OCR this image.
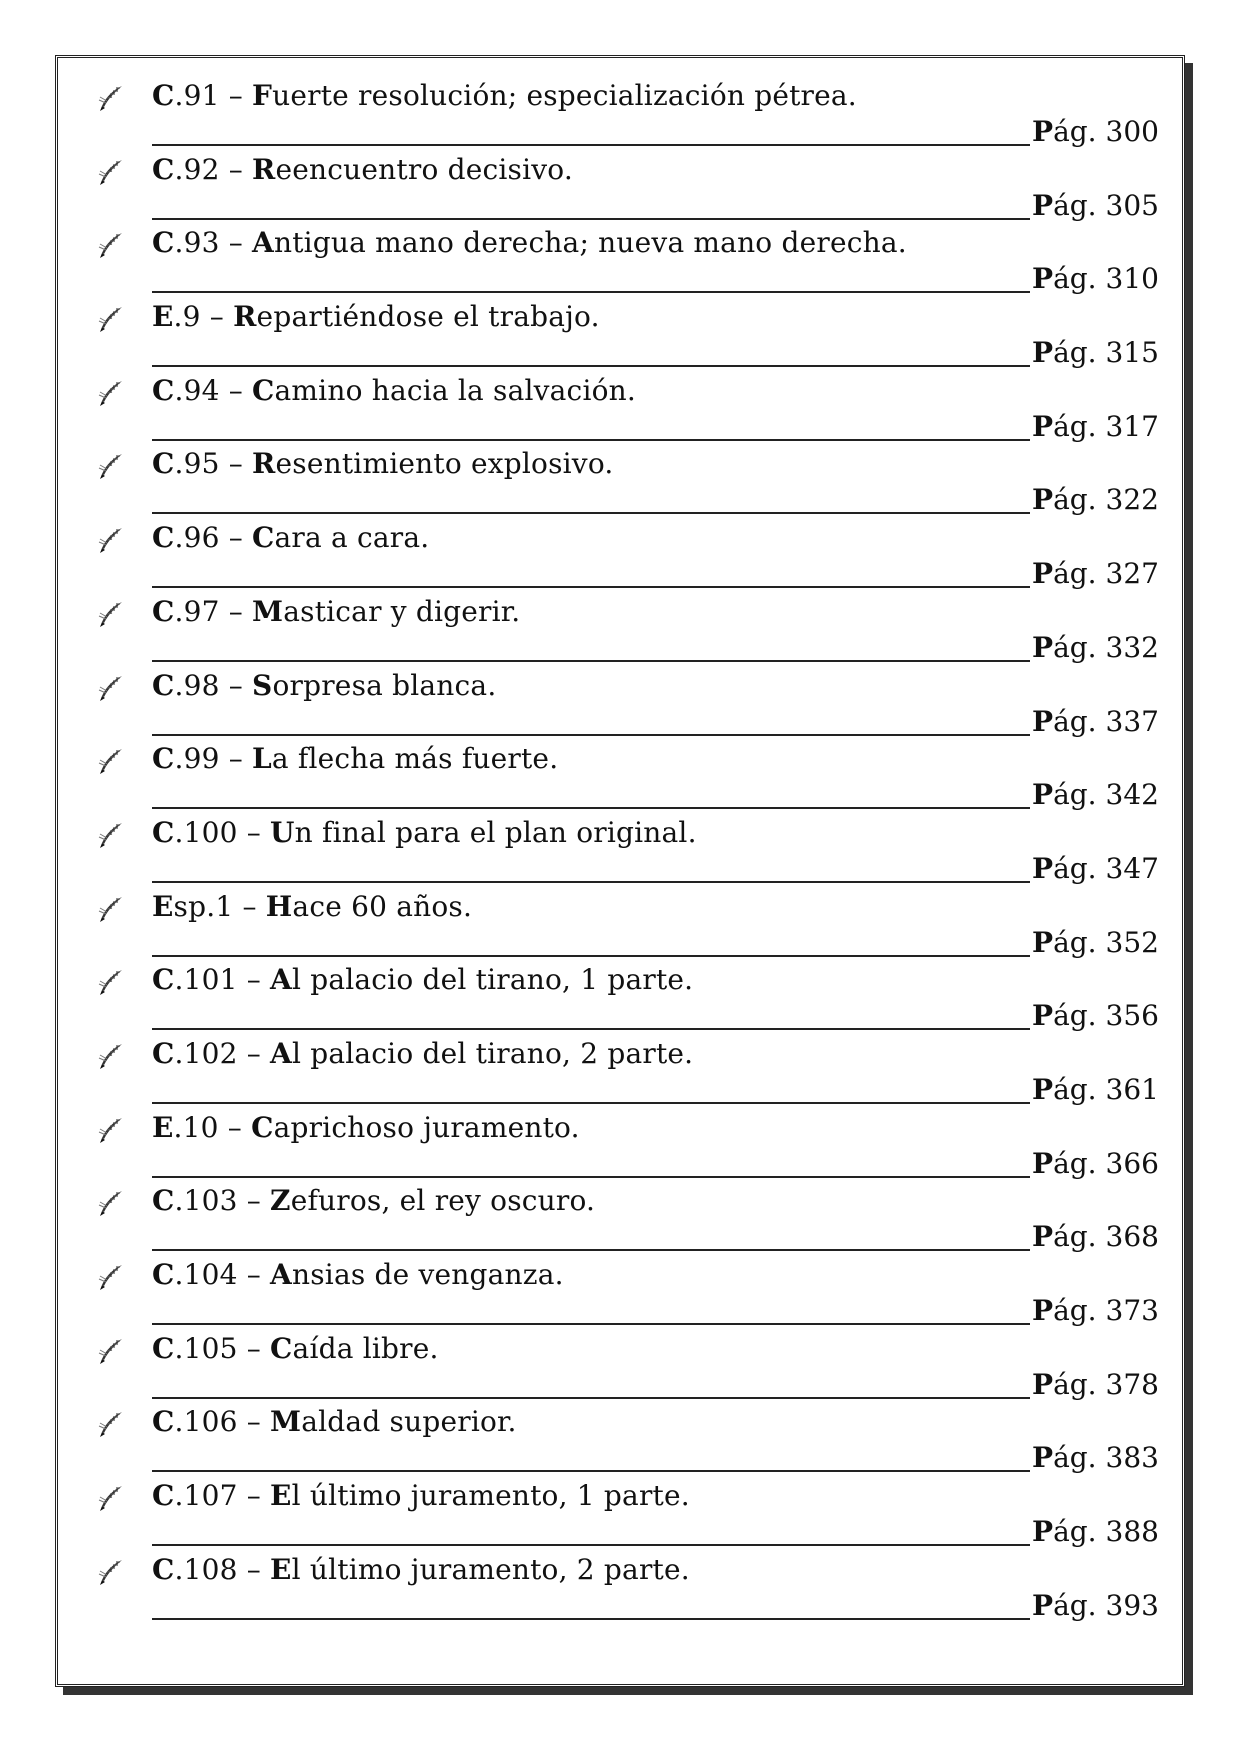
C.91 – Fuerte resolución; especialización pétrea.
Pág. 300
C.92 – Reencuentro decisivo.
Pág. 305
C.93 – Antigua mano derecha; nueva mano derecha.
Pág. 310
E.9 – Repartiéndose el trabajo.
Pág. 315
C.94 – Camino hacia la salvación.
Pág. 317
C.95 – Resentimiento explosivo.
Pág. 322
C.96 – Cara a cara.
Pág. 327
C.97 – Masticar y digerir.
Pág. 332
C.98 – Sorpresa blanca.
Pág. 337
C.99 – La flecha más fuerte.
Pág. 342
C.100 – Un final para el plan original.
Pág. 347
Esp.1 – Hace 60 años.
Pág. 352
C.101 – Al palacio del tirano, 1 parte.
Pág. 356
C.102 – Al palacio del tirano, 2 parte.
Pág. 361
E.10 – Caprichoso juramento.
Pág. 366
C.103 – Zefuros, el rey oscuro.
Pág. 368
C.104 – Ansias de venganza.
Pág. 373
C.105 – Caída libre.
Pág. 378
C.106 – Maldad superior.
Pág. 383
C.107 – El último juramento, 1 parte.
Pág. 388
C.108 – El último juramento, 2 parte.
Pág. 393
